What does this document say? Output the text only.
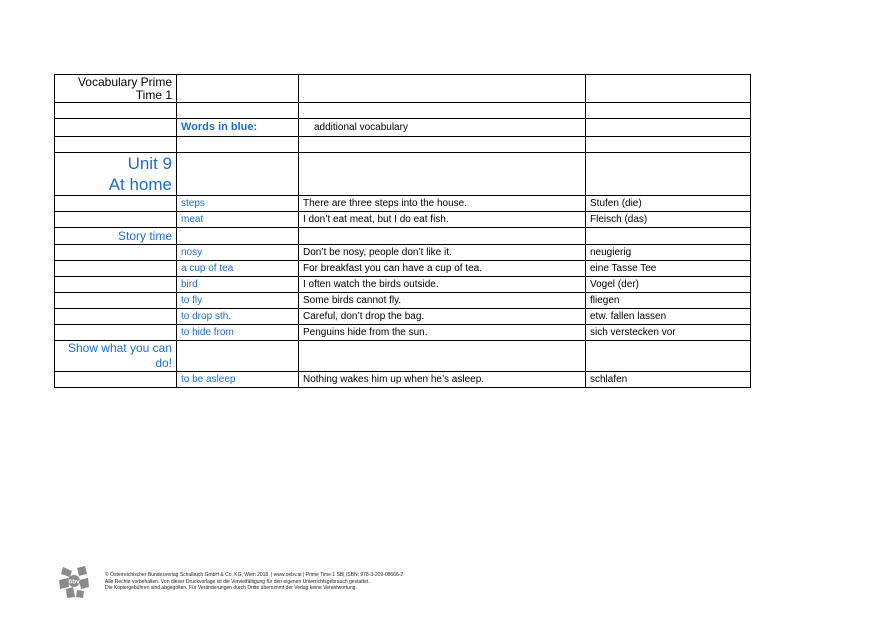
Vocabulary Prime
Time 1			

	Words in blue:	additional vocabulary	

Unit 9
At home			

	steps	There are three steps into the house.	Stufen (die)
	meat	I don’t eat meat, but I do eat fish.	Fleisch (das)

Story time			

	nosy	Don’t be nosy, people don’t like it.	neugierig
	a cup of tea	For breakfast you can have a cup of tea.	eine Tasse Tee
	bird	I often watch the birds outside.	Vogel (der)
	to fly	Some birds cannot fly.	fliegen
	to drop sth.	Careful, don’t drop the bag.	etw. fallen lassen
	to hide from	Penguins hide from the sun.	sich verstecken vor

Show what you can
do!			

	to be asleep	Nothing wakes him up when he’s asleep.	schlafen
öbv
© Österreichischer Bundesverlag Schulbuch GmbH & Co. KG, Wien 2018. | www.oebv.at | Prime Time 1 SB| ISBN: 978-3-209-08666-2
Alle Rechte vorbehalten. Von dieser Druckvorlage ist die Vervielfältigung für den eigenen Unterrichtsgebrauch gestattet.
Die Kopiergebühren sind abgegolten. Für Veränderungen durch Dritte übernimmt der Verlag keine Verantwortung.
